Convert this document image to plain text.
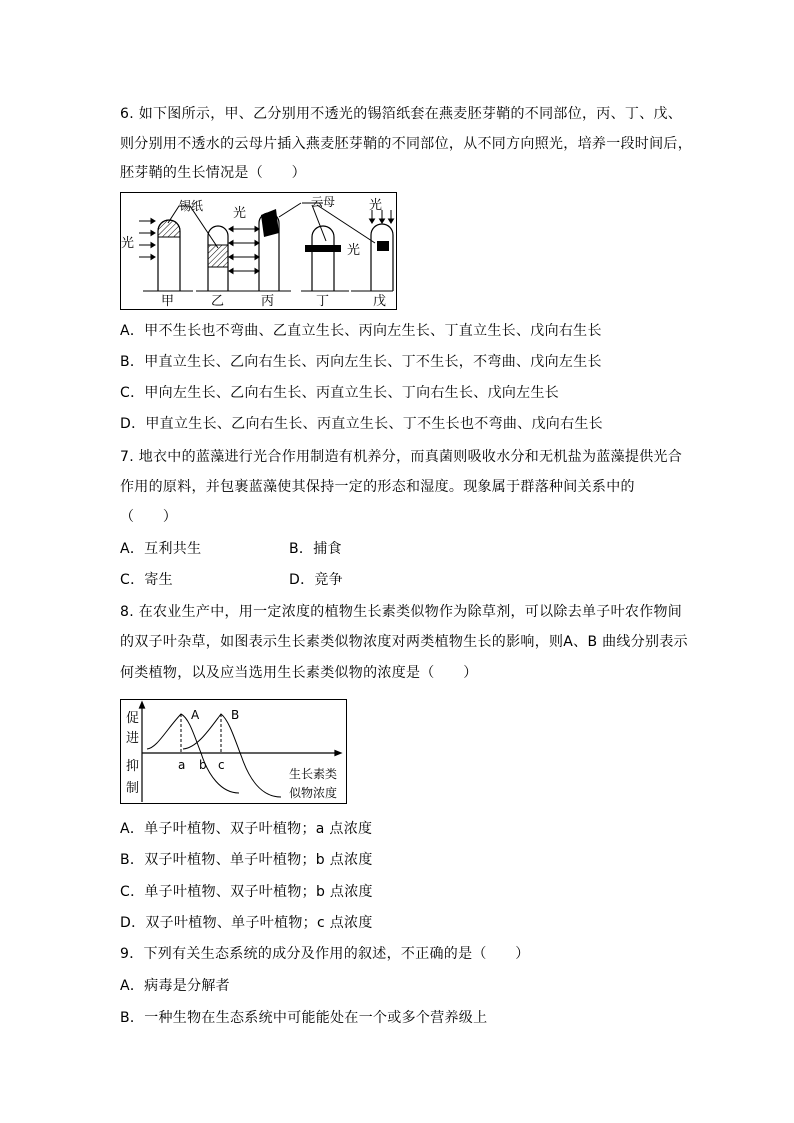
6. 如下图所示，甲、乙分别用不透光的锡箔纸套在燕麦胚芽鞘的不同部位，丙、丁、戊、
则分别用不透水的云母片插入燕麦胚芽鞘的不同部位，从不同方向照光，培养一段时间后，
胚芽鞘的生长情况是（　　）
光
锡纸 光
云母	光
光
甲	乙	丙	丁	戊
A．甲不生长也不弯曲、乙直立生长、丙向左生长、丁直立生长、戊向右生长
B．甲直立生长、乙向右生长、丙向左生长、丁不生长，不弯曲、戊向左生长
C．甲向左生长、乙向右生长、丙直立生长、丁向右生长、戊向左生长
D．甲直立生长、乙向右生长、丙直立生长、丁不生长也不弯曲、戊向右生长
7. 地衣中的蓝藻进行光合作用制造有机养分，而真菌则吸收水分和无机盐为蓝藻提供光合
作用的原料，并包裹蓝藻使其保持一定的形态和湿度。现象属于群落种间关系中的
（　　）
A．互利共生	B．捕食
C．寄生	D．竞争
8. 在农业生产中，用一定浓度的植物生长素类似物作为除草剂，可以除去单子叶农作物间
的双子叶杂草，如图表示生长素类似物浓度对两类植物生长的影响，则A、B 曲线分别表示
何类植物，以及应当选用生长素类似物的浓度是（　　）
促
进
抑
制
A	B
a b c
生长素类
似物浓度
A．单子叶植物、双子叶植物；a 点浓度
B．双子叶植物、单子叶植物；b 点浓度
C．单子叶植物、双子叶植物；b 点浓度
D．双子叶植物、单子叶植物；c 点浓度
9．下列有关生态系统的成分及作用的叙述，不正确的是（　　）
A．病毒是分解者
B．一种生物在生态系统中可能能处在一个或多个营养级上
